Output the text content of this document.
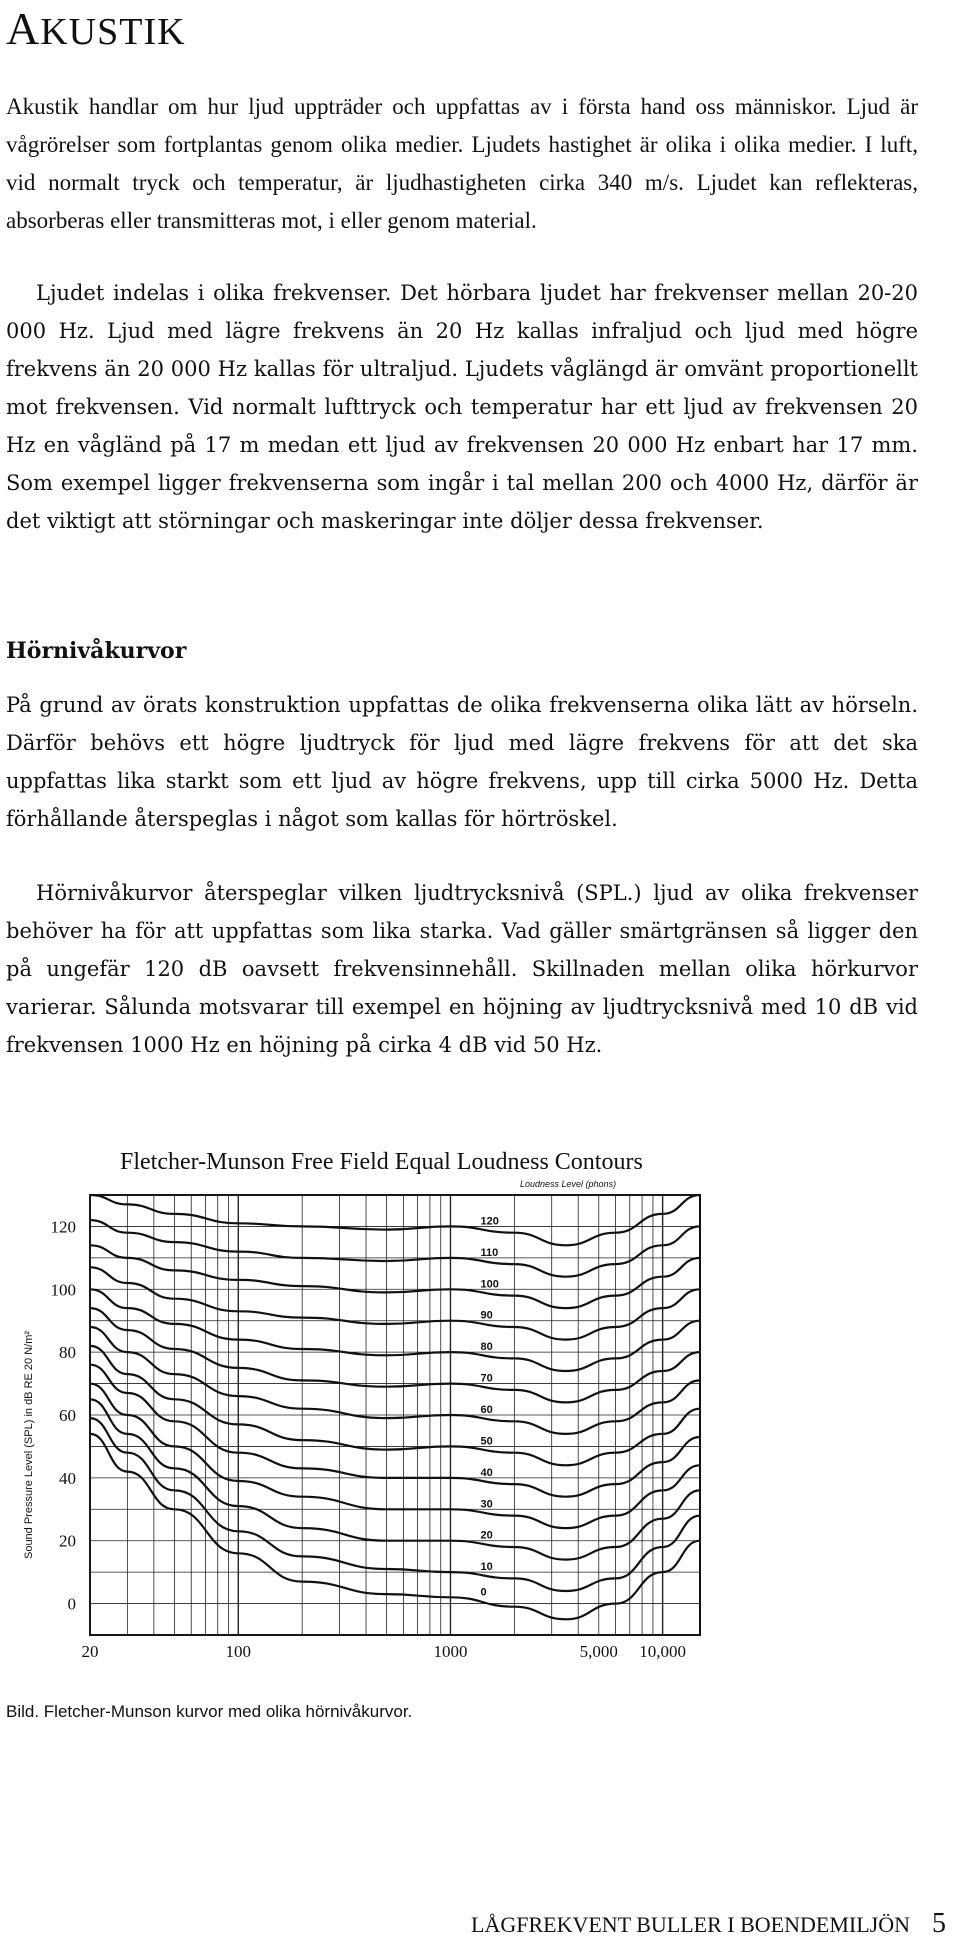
AKUSTIK

Akustik handlar om hur ljud uppträder och uppfattas av i första hand oss människor. Ljud är vågrörelser som fortplantas genom olika medier. Ljudets hastighet är olika i olika medier. I luft, vid normalt tryck och temperatur, är ljudhastigheten cirka 340 m/s. Ljudet kan reflekteras, absorberas eller transmitteras mot, i eller genom material.

Ljudet indelas i olika frekvenser. Det hörbara ljudet har frekvenser mellan 20-20 000 Hz. Ljud med lägre frekvens än 20 Hz kallas infraljud och ljud med högre frekvens än 20 000 Hz kallas för ultraljud. Ljudets våglängd är omvänt proportionellt mot frekvensen. Vid normalt lufttryck och temperatur har ett ljud av frekvensen 20 Hz en vågländ på 17 m medan ett ljud av frekvensen 20 000 Hz enbart har 17 mm. Som exempel ligger frekvenserna som ingår i tal mellan 200 och 4000 Hz, därför är det viktigt att störningar och maskeringar inte döljer dessa frekvenser.

Hörnivåkurvor

På grund av örats konstruktion uppfattas de olika frekvenserna olika lätt av hörseln. Därför behövs ett högre ljudtryck för ljud med lägre frekvens för att det ska uppfattas lika starkt som ett ljud av högre frekvens, upp till cirka 5000 Hz. Detta förhållande återspeglas i något som kallas för hörtröskel.

Hörnivåkurvor återspeglar vilken ljudtrycksnivå (SPL.) ljud av olika frekvenser behöver ha för att uppfattas som lika starka. Vad gäller smärtgränsen så ligger den på ungefär 120 dB oavsett frekvensinnehåll. Skillnaden mellan olika hörkurvor varierar. Sålunda motsvarar till exempel en höjning av ljudtrycksnivå med 10 dB vid frekvensen 1000 Hz en höjning på cirka 4 dB vid 50 Hz.

Fletcher-Munson Free Field Equal Loudness Contours
Sound Pressure Level (SPL) in dB RE 20 N/m²
Loudness Level (phons)
120
110
100
90
80
70
60
50
40
30
20
10
0
0
20
40
60
80
100
120
20	100	1000	5,000 10,000

Bild. Fletcher-Munson kurvor med olika hörnivåkurvor.

LÅGFREKVENT BULLER I BOENDEMILJÖN 5
